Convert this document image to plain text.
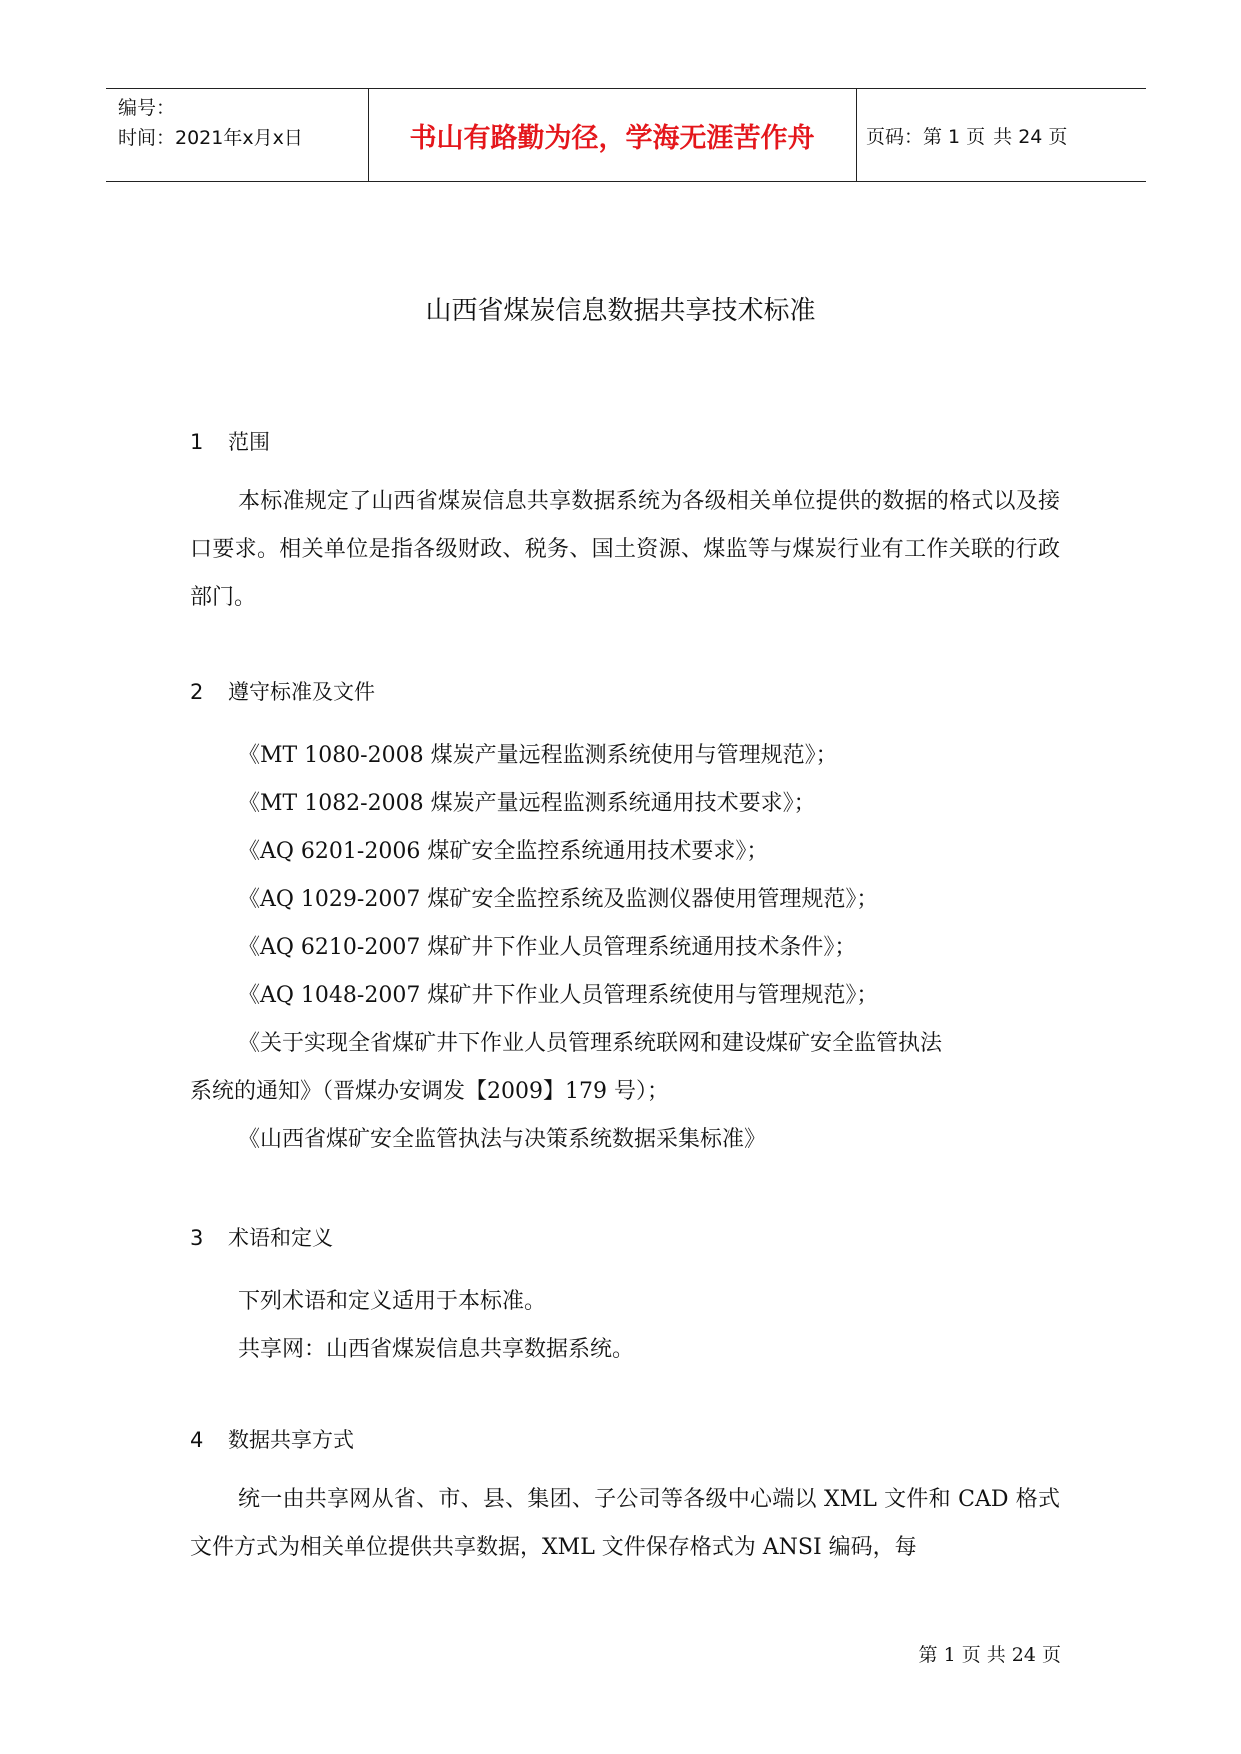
编号：
时间：2021年x月x日	书山有路勤为径，学海无涯苦作舟	页码：第 1 页 共 24 页
山西省煤炭信息数据共享技术标准
1 范围
本标准规定了山西省煤炭信息共享数据系统为各级相关单位提供的数据的格式以及接口要求。相关单位是指各级财政、税务、国土资源、煤监等与煤炭行业有工作关联的行政部门。
2 遵守标准及文件
《MT 1080-2008 煤炭产量远程监测系统使用与管理规范》；
《MT 1082-2008 煤炭产量远程监测系统通用技术要求》；
《AQ 6201-2006 煤矿安全监控系统通用技术要求》；
《AQ 1029-2007 煤矿安全监控系统及监测仪器使用管理规范》；
《AQ 6210-2007 煤矿井下作业人员管理系统通用技术条件》；
《AQ 1048-2007 煤矿井下作业人员管理系统使用与管理规范》；
《关于实现全省煤矿井下作业人员管理系统联网和建设煤矿安全监管执法
系统的通知》（晋煤办安调发【2009】179 号）；
《山西省煤矿安全监管执法与决策系统数据采集标准》
3 术语和定义
下列术语和定义适用于本标准。
共享网：山西省煤炭信息共享数据系统。
4 数据共享方式
统一由共享网从省、市、县、集团、子公司等各级中心端以 XML 文件和 CAD 格式文件方式为相关单位提供共享数据，XML 文件保存格式为 ANSI 编码，每
第 1 页 共 24 页
